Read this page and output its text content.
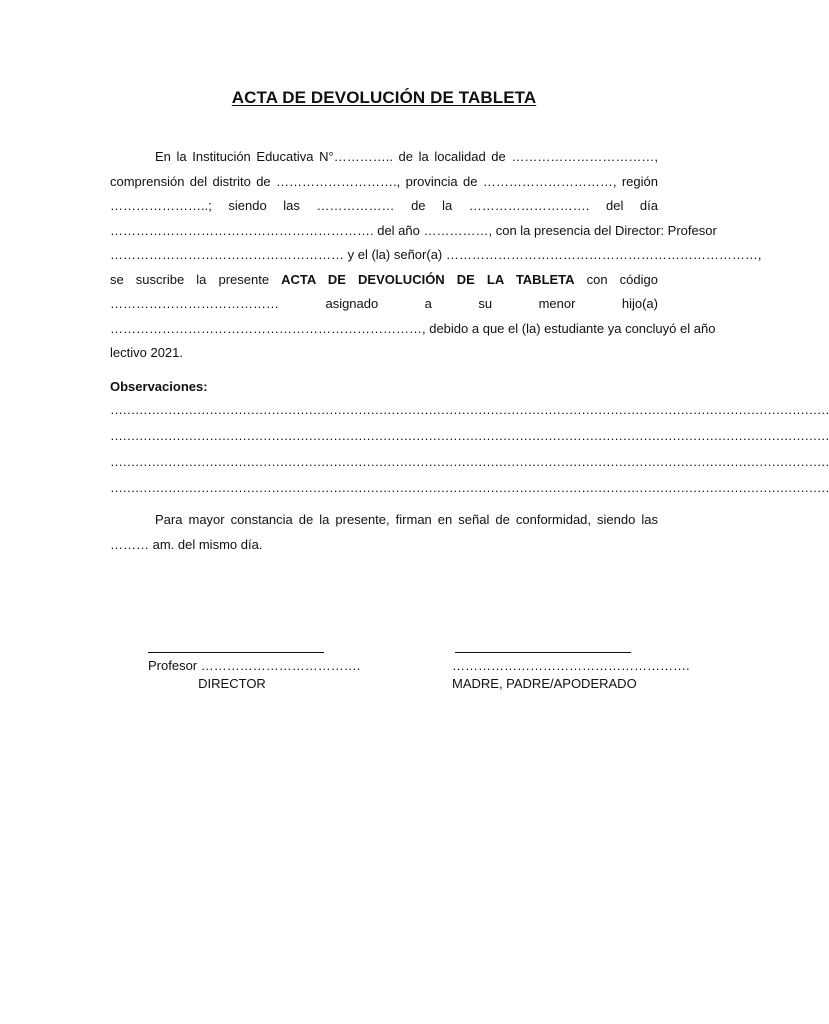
ACTA DE DEVOLUCIÓN DE TABLETA
En la Institución Educativa N°………….. de la localidad de ……………………………,
comprensión del distrito de ………………………., provincia de …………………………, región
…………………..; siendo las ……………… de la ………………………. del día
……………………………………………………. del año ……………, con la presencia del Director: Profesor
……………………………………………… y el (la) señor(a) ………………………………………………………………,
se suscribe la presente ACTA DE DEVOLUCIÓN DE LA TABLETA con código
………………………………… asignado a su menor hijo(a)
………………………………………………………………, debido a que el (la) estudiante ya concluyó el año
lectivo 2021.
Observaciones:
…………………………………………………………………………………………………………………………………………………………
…………………………………………………………………………………………………………………………………………………………
…………………………………………………………………………………………………………………………………………………………
…………………………………………………………………………………………………………………………………………………………
Para mayor constancia de la presente, firman en señal de conformidad, siendo las
……… am. del mismo día.
Profesor ……………………………….
DIRECTOR
……………………………………………….
MADRE, PADRE/APODERADO
